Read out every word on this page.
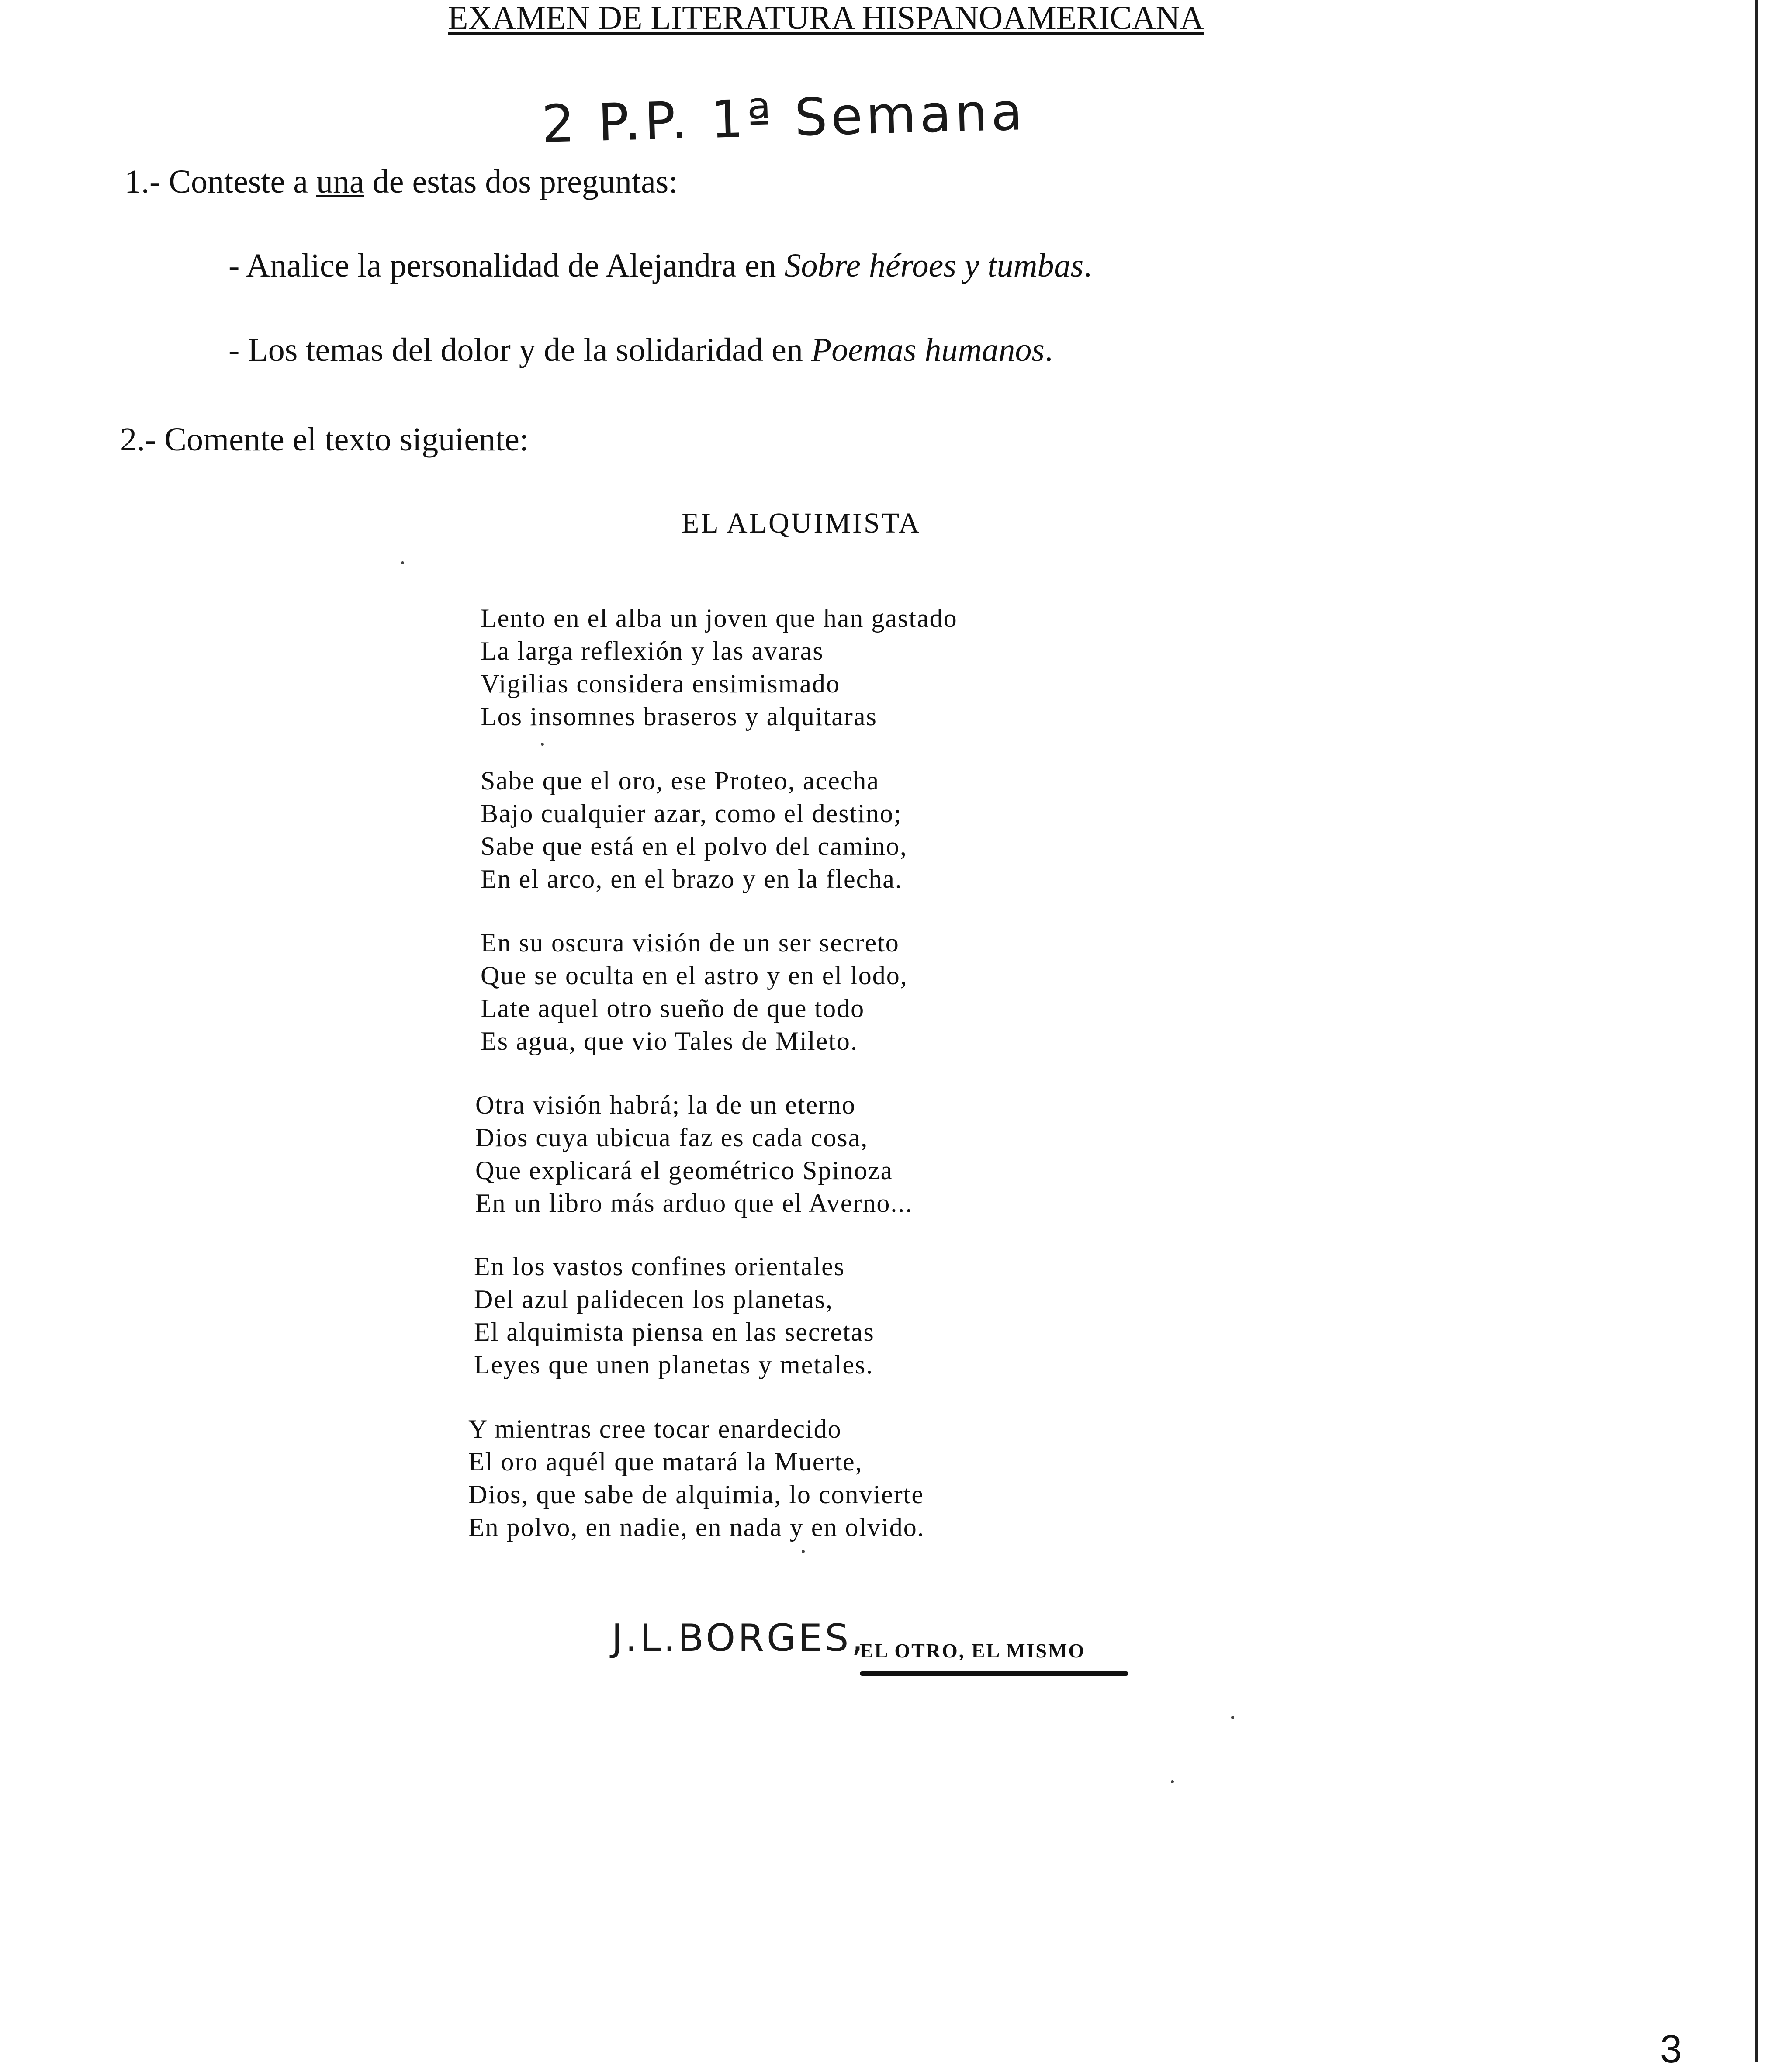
EXAMEN DE LITERATURA HISPANOAMERICANA
2 P.P. 1ª Semana
1.- Conteste a una de estas dos preguntas:
- Analice la personalidad de Alejandra en Sobre héroes y tumbas.
- Los temas del dolor y de la solidaridad en Poemas humanos.
2.- Comente el texto siguiente:
EL ALQUIMISTA
Lento en el alba un joven que han gastado
La larga reflexión y las avaras
Vigilias considera ensimismado
Los insomnes braseros y alquitaras
Sabe que el oro, ese Proteo, acecha
Bajo cualquier azar, como el destino;
Sabe que está en el polvo del camino,
En el arco, en el brazo y en la flecha.
En su oscura visión de un ser secreto
Que se oculta en el astro y en el lodo,
Late aquel otro sueño de que todo
Es agua, que vio Tales de Mileto.
Otra visión habrá; la de un eterno
Dios cuya ubicua faz es cada cosa,
Que explicará el geométrico Spinoza
En un libro más arduo que el Averno...
En los vastos confines orientales
Del azul palidecen los planetas,
El alquimista piensa en las secretas
Leyes que unen planetas y metales.
Y mientras cree tocar enardecido
El oro aquél que matará la Muerte,
Dios, que sabe de alquimia, lo convierte
En polvo, en nadie, en nada y en olvido.
J.L.BORGES,
EL OTRO, EL MISMO
3
